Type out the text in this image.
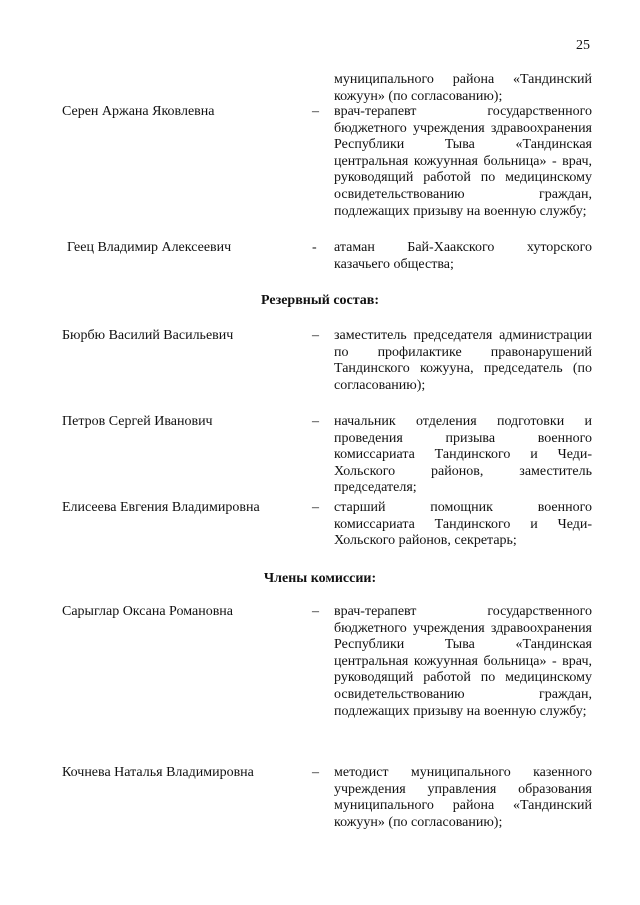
25
муниципального района «Тандинский кожуун» (по согласованию);
Серен Аржана Яковлевна	– врач-терапевт государственного бюджетного учреждения здравоохранения Республики Тыва «Тандинская центральная кожуунная больница» - врач, руководящий работой по медицинскому освидетельствованию граждан, подлежащих призыву на военную службу;
Геец Владимир Алексеевич	- атаман Бай-Хаакского хуторского казачьего общества;
Резервный состав:
Бюрбю Василий Васильевич	– заместитель председателя администрации по профилактике правонарушений Тандинского кожууна, председатель (по согласованию);
Петров Сергей Иванович	– начальник отделения подготовки и проведения призыва военного комиссариата Тандинского и Чеди-Хольского районов, заместитель председателя;
Елисеева Евгения Владимировна	– старший помощник военного комиссариата Тандинского и Чеди-Хольского районов, секретарь;
Члены комиссии:
Сарыглар Оксана Романовна	– врач-терапевт государственного бюджетного учреждения здравоохранения Республики Тыва «Тандинская центральная кожуунная больница» - врач, руководящий работой по медицинскому освидетельствованию граждан, подлежащих призыву на военную службу;
Кочнева Наталья Владимировна	– методист муниципального казенного учреждения управления образования муниципального района «Тандинский кожуун» (по согласованию);
